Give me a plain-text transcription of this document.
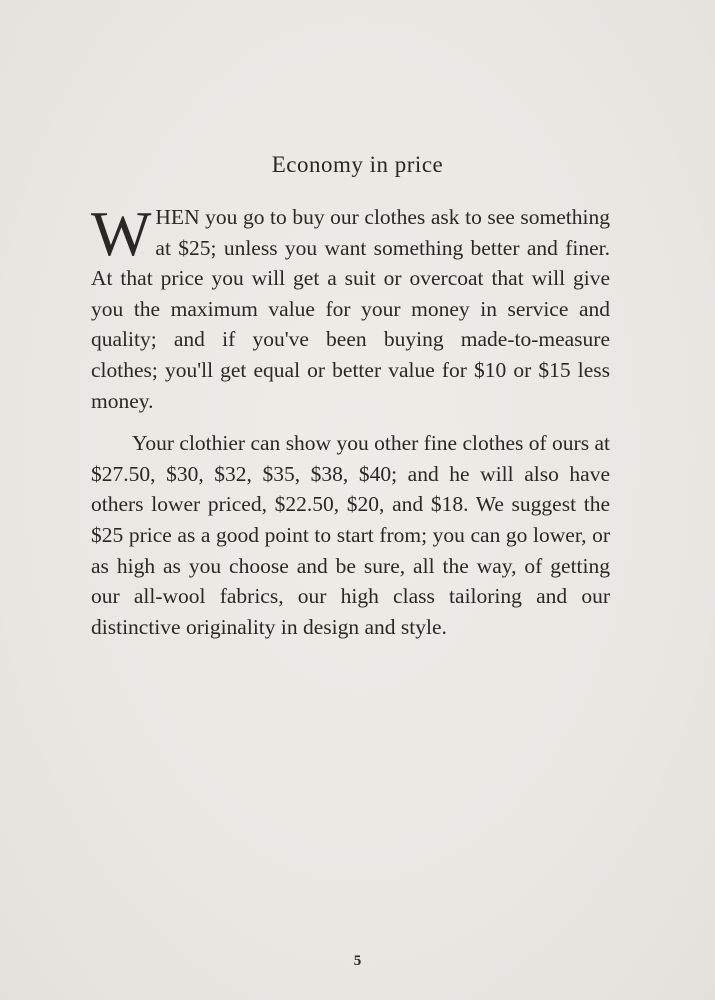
Economy in price

WHEN you go to buy our clothes ask to see something at $25; unless you want something better and finer. At that price you will get a suit or overcoat that will give you the maximum value for your money in service and quality; and if you've been buying made-to-measure clothes; you'll get equal or better value for $10 or $15 less money.

Your clothier can show you other fine clothes of ours at $27.50, $30, $32, $35, $38, $40; and he will also have others lower priced, $22.50, $20, and $18. We suggest the $25 price as a good point to start from; you can go lower, or as high as you choose and be sure, all the way, of getting our all-wool fabrics, our high class tailoring and our distinctive originality in design and style.

5
